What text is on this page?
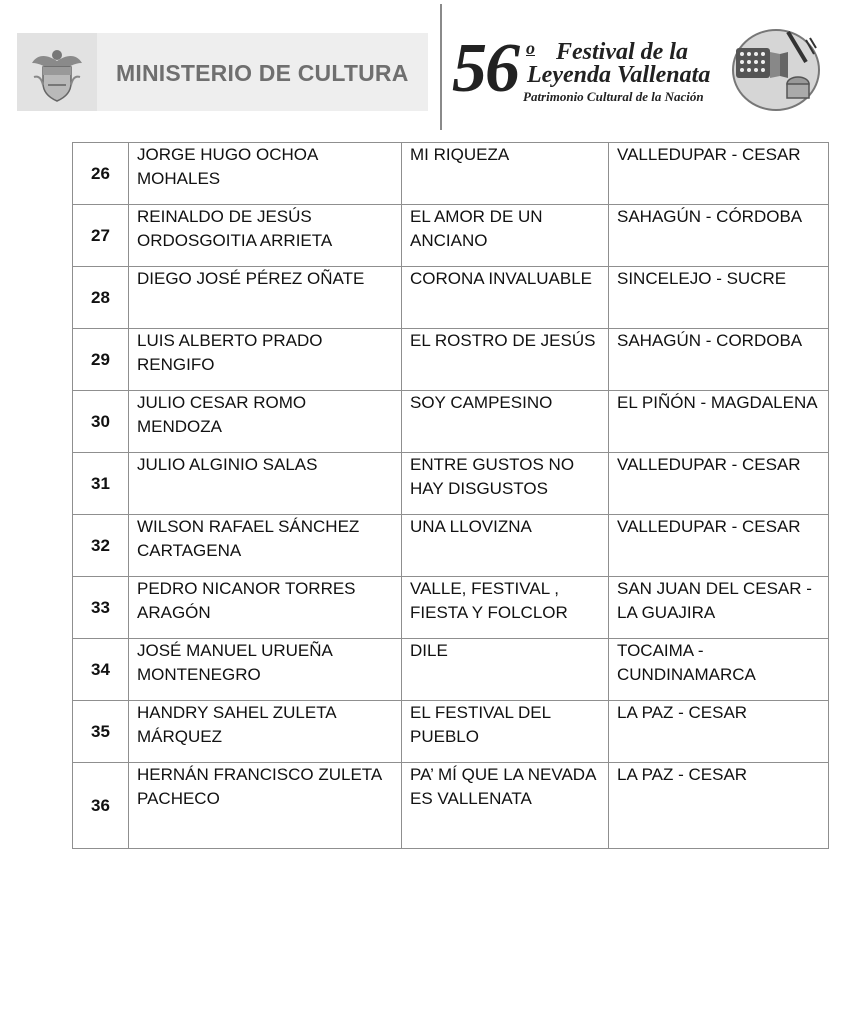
MINISTERIO DE CULTURA 56 o Festival de la
Leyenda Vallenata
Patrimonio Cultural de la Nación
26	JORGE HUGO OCHOA MOHALES	MI RIQUEZA	VALLEDUPAR - CESAR
27	REINALDO DE JESÚS ORDOSGOITIA ARRIETA	EL AMOR DE UN ANCIANO	SAHAGÚN - CÓRDOBA
28	DIEGO JOSÉ PÉREZ OÑATE	CORONA INVALUABLE	SINCELEJO - SUCRE
29	LUIS ALBERTO PRADO RENGIFO	EL ROSTRO DE JESÚS	SAHAGÚN - CORDOBA
30	JULIO CESAR ROMO MENDOZA	SOY CAMPESINO	EL PIÑÓN - MAGDALENA
31	JULIO ALGINIO SALAS	ENTRE GUSTOS NO HAY DISGUSTOS	VALLEDUPAR - CESAR
32	WILSON RAFAEL SÁNCHEZ CARTAGENA	UNA LLOVIZNA	VALLEDUPAR - CESAR
33	PEDRO NICANOR TORRES ARAGÓN	VALLE, FESTIVAL , FIESTA Y FOLCLOR	SAN JUAN DEL CESAR - LA GUAJIRA
34	JOSÉ MANUEL URUEÑA MONTENEGRO	DILE	TOCAIMA - CUNDINAMARCA
35	HANDRY SAHEL ZULETA MÁRQUEZ	EL FESTIVAL DEL PUEBLO	LA PAZ - CESAR
36	HERNÁN FRANCISCO ZULETA PACHECO	PA’ MÍ QUE LA NEVADA ES VALLENATA	LA PAZ - CESAR
